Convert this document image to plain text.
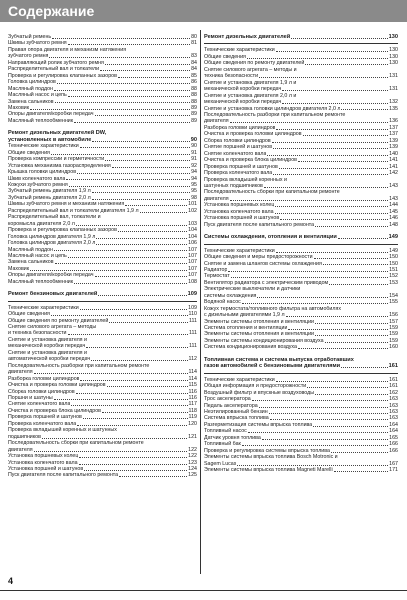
Содержание
Зубчатый ремень	80
Шкивы зубчатого ремня	81
Правая опора двигателя и механизм натяжения
зубчатого ремня	83
Направляющий ролик зубчатого ремня	84
Распределительный вал и толкатели	84
Проверка и регулировка клапанных зазоров	85
Головка цилиндров	86
Масляный поддон	88
Масляный насос и цепь	88
Замена сальников	88
Маховик	89
Опоры двигателя/коробки передач	89
Масляный теплообменник	89
Ремонт дизельных двигателей DW,
установленных в автомобиле	90
Технические характеристики	90
Общие сведения	91
Проверка компрессии и герметичности	91
Установка механизма газораспределения	92
Крышка головки цилиндров	94
Шкив коленчатого вала	94
Кожухи зубчатого ремня	95
Зубчатый ремень двигателя 1,9 л	95
Зубчатый ремень двигателя 2,0 л	98
Шкивы зубчатого ремня и механизм натяжения	101
Распределительный вал и толкатели двигателя 1,9 л	102
Распределительный вал, толкатели и
коромысла двигателя 2,0 л	103
Проверка и регулировка клапанных зазоров	104
Головка цилиндров двигателя 1,9 л	104
Головка цилиндров двигателя 2,0 л	106
Масляный поддон	107
Масляный насос и цепь	107
Замена сальников	107
Маховик	107
Опоры двигателя/коробки передач	107
Масляный теплообменник	108
Ремонт бензиновых двигателей	109
Технические характеристики	109
Общие сведения	110
Общие сведения по ремонту двигателей	111
Снятие силового агрегата – методы
и техника безопасности	111
Снятие и установка двигателя и
механической коробки передач	111
Снятие и установка двигателя и
автоматической коробки передач	112
Последовательность разборки при капитальном ремонте
двигателя	114
Разборка головки цилиндров	114
Очистка и проверка головки цилиндров	115
Сборка головки цилиндров	116
Поршни и шатуны	116
Снятие коленчатого вала	117
Очистка и проверка блока цилиндров	118
Проверка поршней и шатунов	119
Проверка коленчатого вала	120
Проверка вкладышей коренных и шатунных
подшипников	121
Последовательность сборки при капитальном ремонте
двигателя	122
Установка поршневых колец	122
Установка коленчатого вала	123
Установка поршней и шатунов	124
Пуск двигателя после капитального ремонта	125
Ремонт дизельных двигателей	130
Технические характеристики	130
Общие сведения	130
Общие сведения по ремонту двигателей	130
Снятие силового агрегата – методы и
техника безопасности	131
Снятие и установка двигателя 1,9 л и
механической коробки передач	131
Снятие и установка двигателя 2,0 л и
механической коробки передач	132
Снятие и установка головки цилиндров двигателя 2,0 л	135
Последовательность разборки при капитальном ремонте
двигателя	136
Разборка головки цилиндров	137
Очистка и проверка головки цилиндров	137
Сборка головки цилиндров	139
Снятие поршней и шатунов	139
Снятие коленчатого вала	140
Очистка и проверка блока цилиндров	141
Проверка поршней и шатунов	141
Проверка коленчатого вала	142
Проверка вкладышей коренных и
шатунных подшипников	143
Последовательность сборки при капитальном ремонте
двигателя	143
Установка поршневых колец	144
Установка коленчатого вала	145
Установка поршней и шатунов	146
Пуск двигателя после капитального ремонта	148
Системы охлаждения, отопления и вентиляции	149
Технические характеристики	149
Общие сведения и меры предосторожности	150
Снятие и замена шлангов системы охлаждения	150
Радиатор	151
Термостат	152
Вентилятор радиатора с электрическим приводом	153
Электрические выключатели и датчики
системы охлаждения	154
Водяной насос	155
Кожух термостата/топливного фильтра на автомобилях
с дизельными двигателями 1,9 л	156
Элементы системы отопления и вентиляции	157
Система отопления и вентиляции	159
Элементы системы отопления и вентиляции	159
Элементы системы кондиционирования воздуха	159
Система кондиционирования воздуха	160
Топливная система и система выпуска отработавших
газов автомобилей с бензиновыми двигателями	161
Технические характеристики	161
Общая информация и предосторожности	161
Воздушный фильтр и впускные воздуховоды	162
Трос акселератора	163
Педаль акселератора	163
Неэтилированный бензин	163
Система впрыска топлива	163
Разгерметизация системы впрыска топлива	164
Топливный насос	164
Датчик уровня топлива	165
Топливный бак	166
Проверка и регулировка системы впрыска топлива	166
Элементы системы впрыска топлива Bosch Motronic и
Sagem Lucas	167
Элементы системы впрыска топлива Magneti Marelli	171
4
